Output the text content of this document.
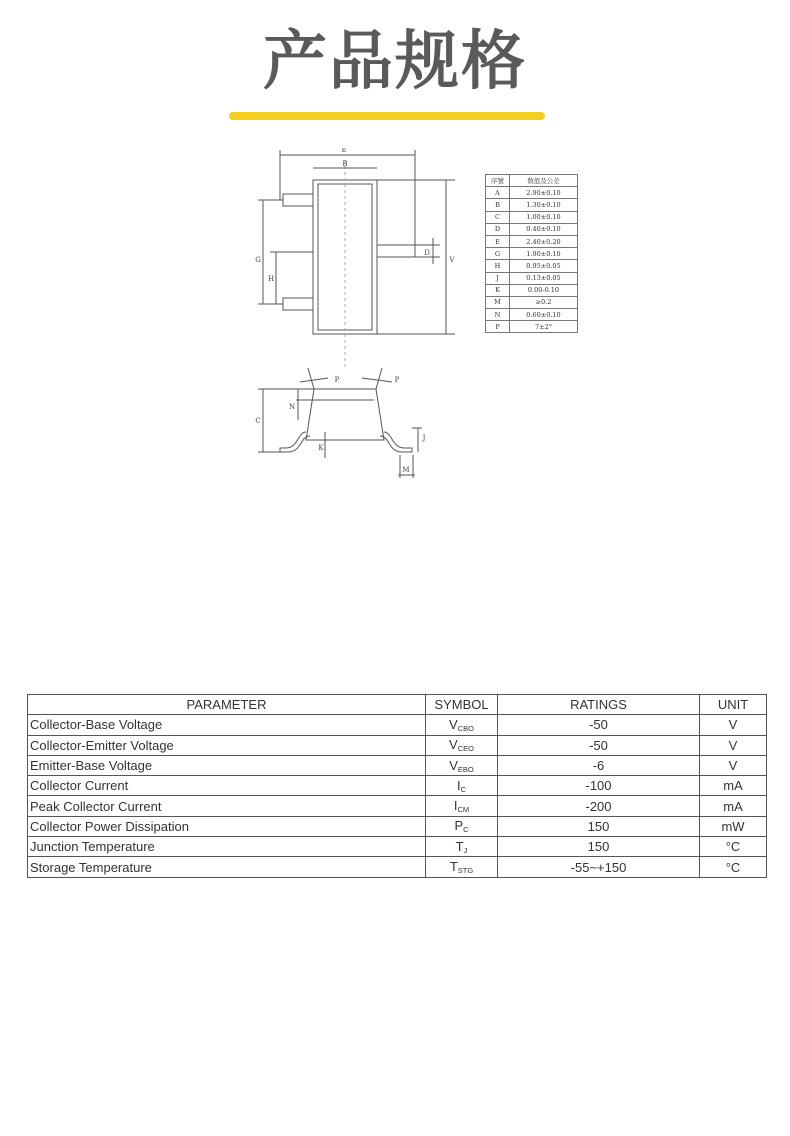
产品规格
E
B
V
D
G
H
P	P
C
N
K
J
M
序號	数值及公差
A	2.90±0.10
B	1.30±0.10
C	1.00±0.10
D	0.40±0.10
E	2.40±0.20
G	1.90±0.10
H	0.95±0.05
J	0.13±0.05
K	0.00-0.10
M	≥0.2
N	0.60±0.10
P	7±2°
PARAMETER	SYMBOL	RATINGS	UNIT
Collector-Base Voltage	$V_{CBO}$	-50	V
Collector-Emitter Voltage	$V_{CEO}$	-50	V
Emitter-Base Voltage	$V_{EBO}$	-6	V
Collector Current	$I_C$	-100	mA
Peak Collector Current	$I_{CM}$	-200	mA
Collector Power Dissipation	$P_C$	150	mW
Junction Temperature	$T_J$	150	°C
Storage Temperature	$T_{STG}$	-55~+150	°C
